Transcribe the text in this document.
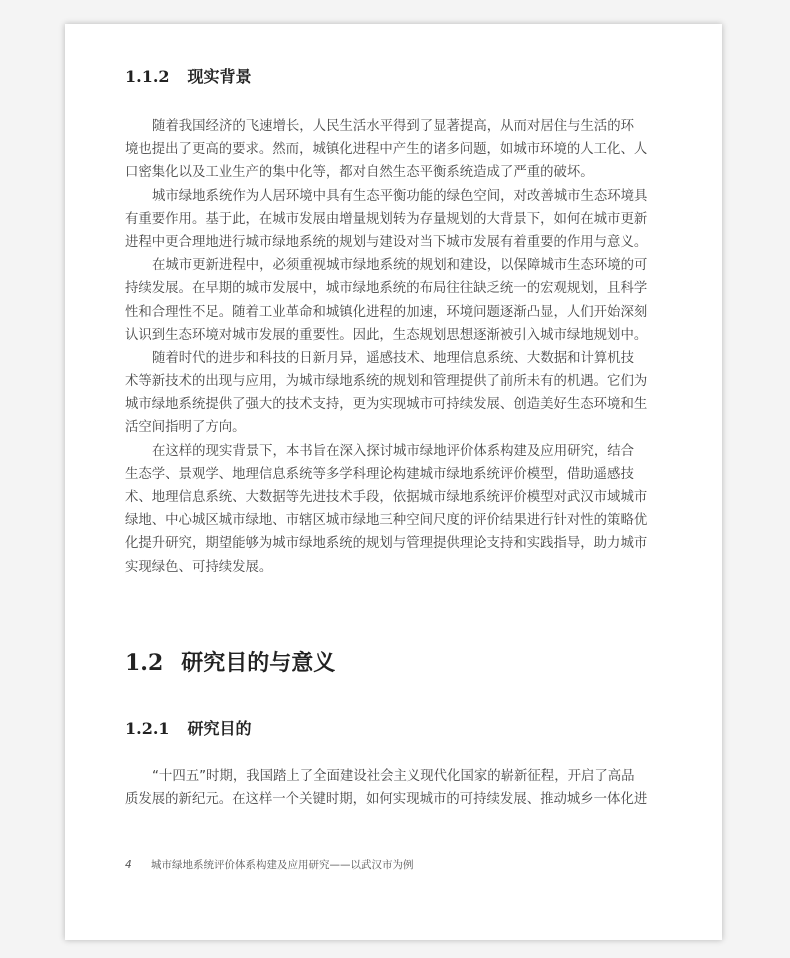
1.1.2 现实背景
随着我国经济的飞速增长，人民生活水平得到了显著提高，从而对居住与生活的环
境也提出了更高的要求。然而，城镇化进程中产生的诸多问题，如城市环境的人工化、人
口密集化以及工业生产的集中化等，都对自然生态平衡系统造成了严重的破坏。
城市绿地系统作为人居环境中具有生态平衡功能的绿色空间，对改善城市生态环境具
有重要作用。基于此，在城市发展由增量规划转为存量规划的大背景下，如何在城市更新
进程中更合理地进行城市绿地系统的规划与建设对当下城市发展有着重要的作用与意义。
在城市更新进程中，必须重视城市绿地系统的规划和建设，以保障城市生态环境的可
持续发展。在早期的城市发展中，城市绿地系统的布局往往缺乏统一的宏观规划，且科学
性和合理性不足。随着工业革命和城镇化进程的加速，环境问题逐渐凸显，人们开始深刻
认识到生态环境对城市发展的重要性。因此，生态规划思想逐渐被引入城市绿地规划中。
随着时代的进步和科技的日新月异，遥感技术、地理信息系统、大数据和计算机技
术等新技术的出现与应用，为城市绿地系统的规划和管理提供了前所未有的机遇。它们为
城市绿地系统提供了强大的技术支持，更为实现城市可持续发展、创造美好生态环境和生
活空间指明了方向。
在这样的现实背景下，本书旨在深入探讨城市绿地评价体系构建及应用研究，结合
生态学、景观学、地理信息系统等多学科理论构建城市绿地系统评价模型，借助遥感技
术、地理信息系统、大数据等先进技术手段，依据城市绿地系统评价模型对武汉市域城市
绿地、中心城区城市绿地、市辖区城市绿地三种空间尺度的评价结果进行针对性的策略优
化提升研究，期望能够为城市绿地系统的规划与管理提供理论支持和实践指导，助力城市
实现绿色、可持续发展。
1.2 研究目的与意义
1.2.1 研究目的
“十四五”时期，我国踏上了全面建设社会主义现代化国家的崭新征程，开启了高品
质发展的新纪元。在这样一个关键时期，如何实现城市的可持续发展、推动城乡一体化进
4 城市绿地系统评价体系构建及应用研究——以武汉市为例
